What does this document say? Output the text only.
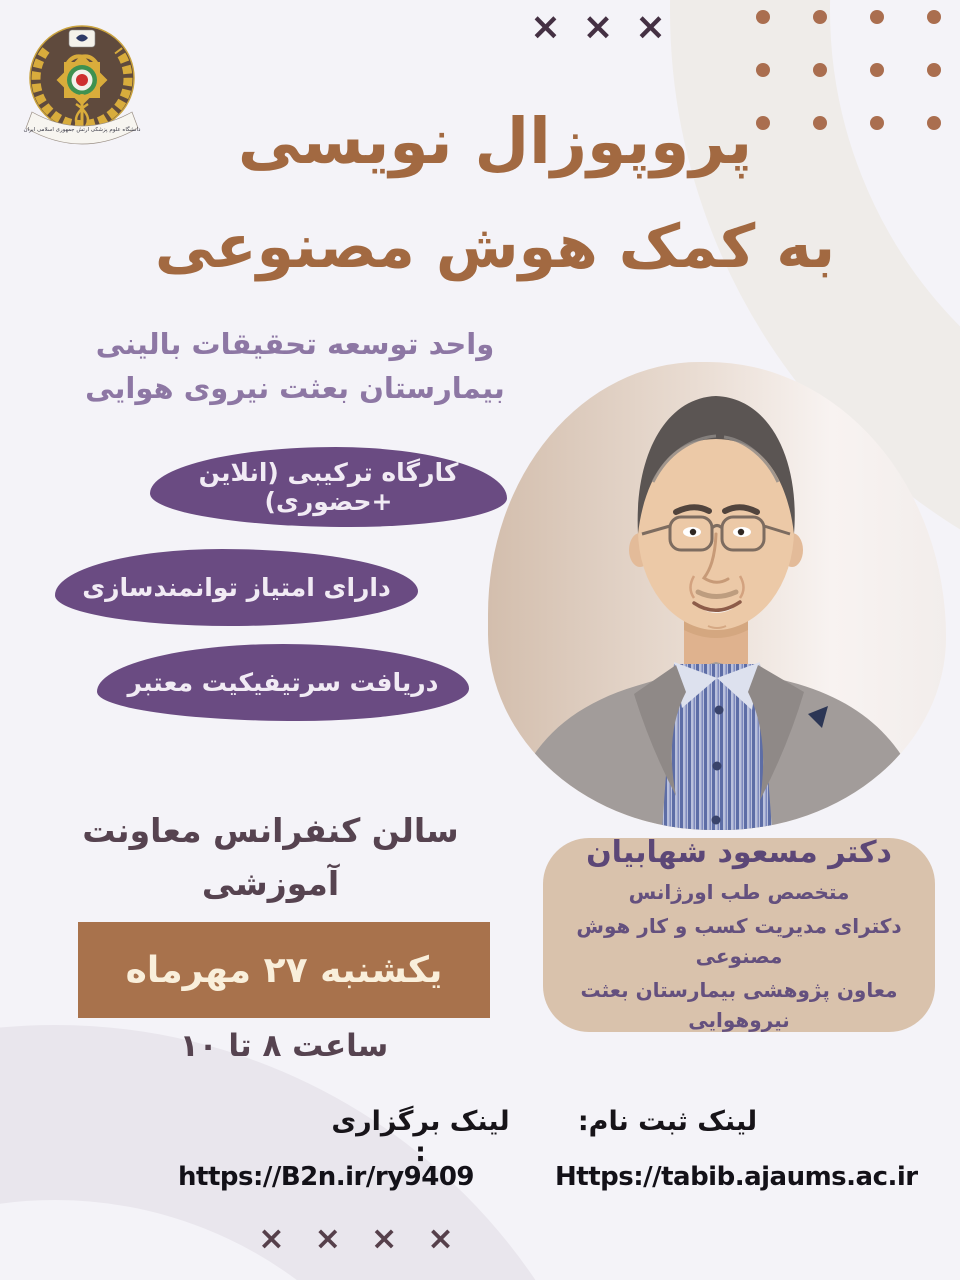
دانشگاه علوم پزشکی ارتش جمهوری اسلامی ایران
× × ×
پروپوزال نویسی
به کمک هوش مصنوعی
واحد توسعه تحقیقات بالینی
بیمارستان بعثت نیروی هوایی
کارگاه ترکیبی (انلاین +حضوری)
دارای امتیاز توانمندسازی
دریافت سرتیفیکیت معتبر
سالن کنفرانس معاونت آموزشی
یکشنبه ۲۷ مهرماه
ساعت ۸ تا ۱۰
دکتر مسعود شهابیان
متخصص طب اورژانس
دکترای مدیریت کسب و کار هوش مصنوعی
معاون پژوهشی بیمارستان بعثت نیروهوایی
لینک ثبت نام:
Https://tabib.ajaums.ac.ir
لینک برگزاری :
https://B2n.ir/ry9409
× × × ×
